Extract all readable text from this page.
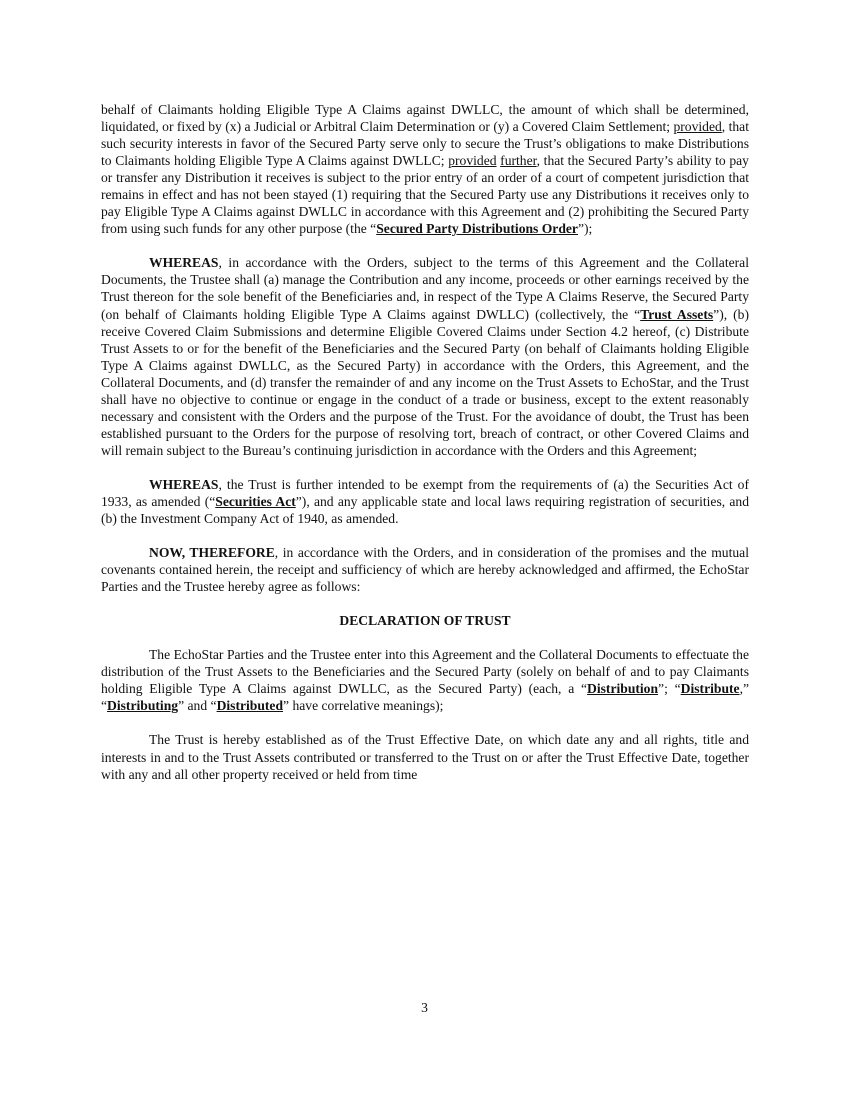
behalf of Claimants holding Eligible Type A Claims against DWLLC, the amount of which shall be determined, liquidated, or fixed by (x) a Judicial or Arbitral Claim Determination or (y) a Covered Claim Settlement; provided, that such security interests in favor of the Secured Party serve only to secure the Trust’s obligations to make Distributions to Claimants holding Eligible Type A Claims against DWLLC; provided further, that the Secured Party’s ability to pay or transfer any Distribution it receives is subject to the prior entry of an order of a court of competent jurisdiction that remains in effect and has not been stayed (1) requiring that the Secured Party use any Distributions it receives only to pay Eligible Type A Claims against DWLLC in accordance with this Agreement and (2) prohibiting the Secured Party from using such funds for any other purpose (the “Secured Party Distributions Order”);

WHEREAS, in accordance with the Orders, subject to the terms of this Agreement and the Collateral Documents, the Trustee shall (a) manage the Contribution and any income, proceeds or other earnings received by the Trust thereon for the sole benefit of the Beneficiaries and, in respect of the Type A Claims Reserve, the Secured Party (on behalf of Claimants holding Eligible Type A Claims against DWLLC) (collectively, the “Trust Assets”), (b) receive Covered Claim Submissions and determine Eligible Covered Claims under Section 4.2 hereof, (c) Distribute Trust Assets to or for the benefit of the Beneficiaries and the Secured Party (on behalf of Claimants holding Eligible Type A Claims against DWLLC, as the Secured Party) in accordance with the Orders, this Agreement, and the Collateral Documents, and (d) transfer the remainder of and any income on the Trust Assets to EchoStar, and the Trust shall have no objective to continue or engage in the conduct of a trade or business, except to the extent reasonably necessary and consistent with the Orders and the purpose of the Trust. For the avoidance of doubt, the Trust has been established pursuant to the Orders for the purpose of resolving tort, breach of contract, or other Covered Claims and will remain subject to the Bureau’s continuing jurisdiction in accordance with the Orders and this Agreement;

WHEREAS, the Trust is further intended to be exempt from the requirements of (a) the Securities Act of 1933, as amended (“Securities Act”), and any applicable state and local laws requiring registration of securities, and (b) the Investment Company Act of 1940, as amended.

NOW, THEREFORE, in accordance with the Orders, and in consideration of the promises and the mutual covenants contained herein, the receipt and sufficiency of which are hereby acknowledged and affirmed, the EchoStar Parties and the Trustee hereby agree as follows:

DECLARATION OF TRUST

The EchoStar Parties and the Trustee enter into this Agreement and the Collateral Documents to effectuate the distribution of the Trust Assets to the Beneficiaries and the Secured Party (solely on behalf of and to pay Claimants holding Eligible Type A Claims against DWLLC, as the Secured Party) (each, a “Distribution”; “Distribute,” “Distributing” and “Distributed” have correlative meanings);

The Trust is hereby established as of the Trust Effective Date, on which date any and all rights, title and interests in and to the Trust Assets contributed or transferred to the Trust on or after the Trust Effective Date, together with any and all other property received or held from time

3
